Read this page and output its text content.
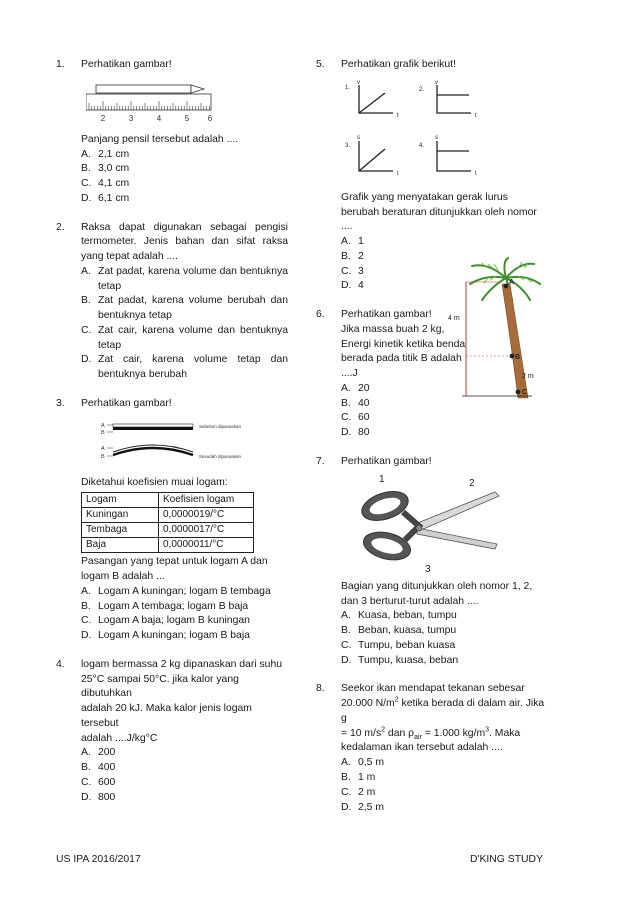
1. Perhatikan gambar!
2	3	4	5 6
Panjang pensil tersebut adalah ....
A. 2,1 cm
B. 3,0 cm
C. 4,1 cm
D. 6,1 cm
2. Raksa dapat digunakan sebagai pengisi termometer. Jenis bahan dan sifat raksa yang tepat adalah ....
A. Zat padat, karena volume dan bentuknya tetap
B. Zat padat, karena volume berubah dan bentuknya tetap
C. Zat cair, karena volume dan bentuknya tetap
D. Zat cair, karena volume tetap dan bentuknya berubah
3. Perhatikan gambar!
A
B
Sebelum dipanaskan
A
B	Sesudah dipanaskan
Diketahui koefisien muai logam:
Logam	Koefisien logam
Kuningan	0,0000019/°C
Tembaga	0,0000017/°C
Baja	0,0000011/°C
Pasangan yang tepat untuk logam A dan logam B adalah ...
A. Logam A kuningan; logam B tembaga
B. Logam A tembaga; logam B baja
C. Logam A baja; logam B kuningan
D. Logam A kuningan; logam B baja
4. logam bermassa 2 kg dipanaskan dari suhu
25°C sampai 50°C. jika kalor yang dibutuhkan
adalah 20 kJ. Maka kalor jenis logam tersebut
adalah ....J/kg°C
A. 200
B. 400
C. 600
D. 800
5. Perhatikan grafik berikut!
1.
v
t
2.
v
t
3.
s
t
4.
s
t
Grafik yang menyatakan gerak lurus berubah beraturan ditunjukkan oleh nomor ....
A. 1
B. 2
C. 3
D. 4
6.
A
B
C
4 m
2 m
Perhatikan gambar!
Jika massa buah 2 kg,
Energi kinetik ketika benda
berada pada titik B adalah
....J
A. 20
B. 40
C. 60
D. 80
7. Perhatikan gambar!
1	2
3
Bagian yang ditunjukkan oleh nomor 1, 2, dan 3 berturut-turut adalah ....
A. Kuasa, beban, tumpu
B. Beban, kuasa, tumpu
C. Tumpu, beban kuasa
D. Tumpu, kuasa, beban
8. Seekor ikan mendapat tekanan sebesar
20.000 $N/m^2$ ketika berada di dalam air. Jika g
= 10 $m/s^2$ dan $\rho_{air} = 1.000$ $kg/m^3$. Maka
kedalaman ikan tersebut adalah ....
A. 0,5 m
B. 1 m
C. 2 m
D. 2,5 m
US IPA 2016/2017	D'KING STUDY
